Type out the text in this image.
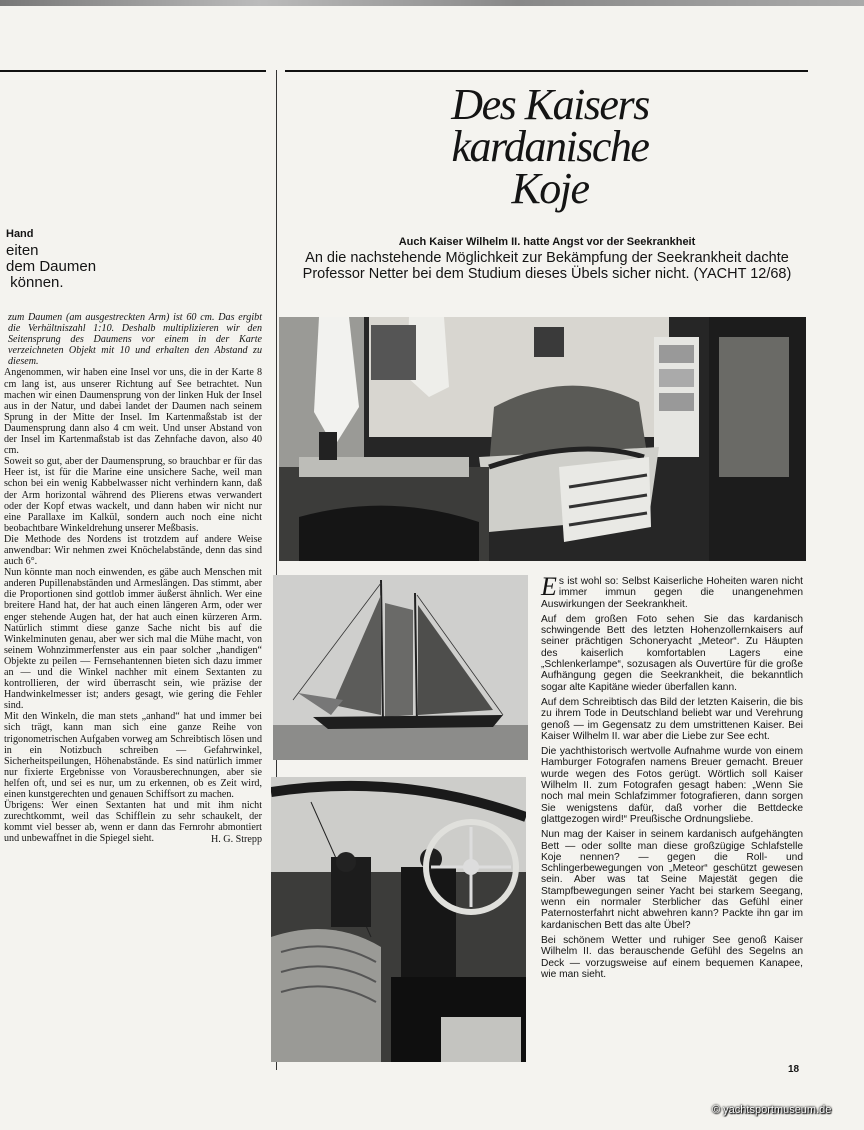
Hand
eiten
dem Daumen
können.

zum Daumen (am ausgestreckten Arm) ist 60 cm. Das ergibt die Verhältniszahl 1:10. Deshalb multiplizieren wir den Seitensprung des Daumens vor einem in der Karte verzeichneten Objekt mit 10 und erhalten den Abstand zu diesem.

Angenommen, wir haben eine Insel vor uns, die in der Karte 8 cm lang ist, aus unserer Richtung auf See betrachtet. Nun machen wir einen Daumensprung von der linken Huk der Insel aus in der Natur, und dabei landet der Daumen nach seinem Sprung in der Mitte der Insel. Im Kartenmaßstab ist der Daumensprung dann also 4 cm weit. Und unser Abstand von der Insel im Kartenmaßstab ist das Zehnfache davon, also 40 cm.

Soweit so gut, aber der Daumensprung, so brauchbar er für das Heer ist, ist für die Marine eine unsichere Sache, weil man schon bei ein wenig Kabbelwasser nicht verhindern kann, daß der Arm horizontal während des Plierens etwas verwandert oder der Kopf etwas wackelt, und dann haben wir nicht nur eine Parallaxe im Kalkül, sondern auch noch eine nicht beobachtbare Winkeldrehung unserer Meßbasis.

Die Methode des Nordens ist trotzdem auf andere Weise anwendbar: Wir nehmen zwei Knöchelabstände, denn das sind auch 6°.

Nun könnte man noch einwenden, es gäbe auch Menschen mit anderen Pupillenabständen und Armeslängen. Das stimmt, aber die Proportionen sind gottlob immer äußerst ähnlich. Wer eine breitere Hand hat, der hat auch einen längeren Arm, oder wer enger stehende Augen hat, der hat auch einen kürzeren Arm. Natürlich stimmt diese ganze Sache nicht bis auf die Winkelminuten genau, aber wer sich mal die Mühe macht, von seinem Wohnzimmerfenster aus ein paar solcher „handigen“ Objekte zu peilen — Fernsehantennen bieten sich dazu immer an — und die Winkel nachher mit einem Sextanten zu kontrollieren, der wird überrascht sein, wie präzise der Handwinkelmesser ist; anders gesagt, wie gering die Fehler sind.

Mit den Winkeln, die man stets „anhand“ hat und immer bei sich trägt, kann man sich eine ganze Reihe von trigonometrischen Aufgaben vorweg am Schreibtisch lösen und in ein Notizbuch schreiben — Gefahrwinkel, Sicherheitspeilungen, Höhenabstände. Es sind natürlich immer nur fixierte Ergebnisse von Vorausberechnungen, aber sie helfen oft, und sei es nur, um zu erkennen, ob es Zeit wird, einen kunstgerechten und genauen Schiffsort zu machen.

Übrigens: Wer einen Sextanten hat und mit ihm nicht zurechtkommt, weil das Schifflein zu sehr schaukelt, der kommt viel besser ab, wenn er dann das Fernrohr abmontiert und unbewaffnet in die Spiegel sieht.	H. G. Strepp

Des Kaisers
kardanische
Koje
Auch Kaiser Wilhelm II. hatte Angst vor der Seekrankheit
An die nachstehende Möglichkeit zur Bekämpfung der Seekrankheit dachte Professor Netter bei dem Studium dieses Übels sicher nicht. (YACHT 12/68)

Es ist wohl so: Selbst Kaiserliche Hoheiten waren nicht immer immun gegen die unangenehmen Auswirkungen der Seekrankheit.

Auf dem großen Foto sehen Sie das kardanisch schwingende Bett des letzten Hohenzollernkaisers auf seiner prächtigen Schoneryacht „Meteor“. Zu Häupten des kaiserlich komfortablen Lagers eine „Schlenkerlampe“, sozusagen als Ouvertüre für die große Aufhängung gegen die Seekrankheit, die bekanntlich sogar alte Kapitäne wieder überfallen kann.

Auf dem Schreibtisch das Bild der letzten Kaiserin, die bis zu ihrem Tode in Deutschland beliebt war und Verehrung genoß — im Gegensatz zu dem umstrittenen Kaiser. Bei Kaiser Wilhelm II. war aber die Liebe zur See echt.

Die yachthistorisch wertvolle Aufnahme wurde von einem Hamburger Fotografen namens Breuer gemacht. Breuer wurde wegen des Fotos gerügt. Wörtlich soll Kaiser Wilhelm II. zum Fotografen gesagt haben: „Wenn Sie noch mal mein Schlafzimmer fotografieren, dann sorgen Sie wenigstens dafür, daß vorher die Bettdecke glattgezogen wird!“ Preußische Ordnungsliebe.

Nun mag der Kaiser in seinem kardanisch aufgehängten Bett — oder sollte man diese großzügige Schlafstelle Koje nennen? — gegen die Roll- und Schlingerbewegungen von „Meteor“ geschützt gewesen sein. Aber was tat Seine Majestät gegen die Stampfbewegungen seiner Yacht bei starkem Seegang, wenn ein normaler Sterblicher das Gefühl einer Paternosterfahrt nicht abwehren kann? Packte ihn gar im kardanischen Bett das alte Übel?

Bei schönem Wetter und ruhiger See genoß Kaiser Wilhelm II. das berauschende Gefühl des Segelns an Deck — vorzugsweise auf einem bequemen Kanapee, wie man sieht.

18
© yachtsportmuseum.de
